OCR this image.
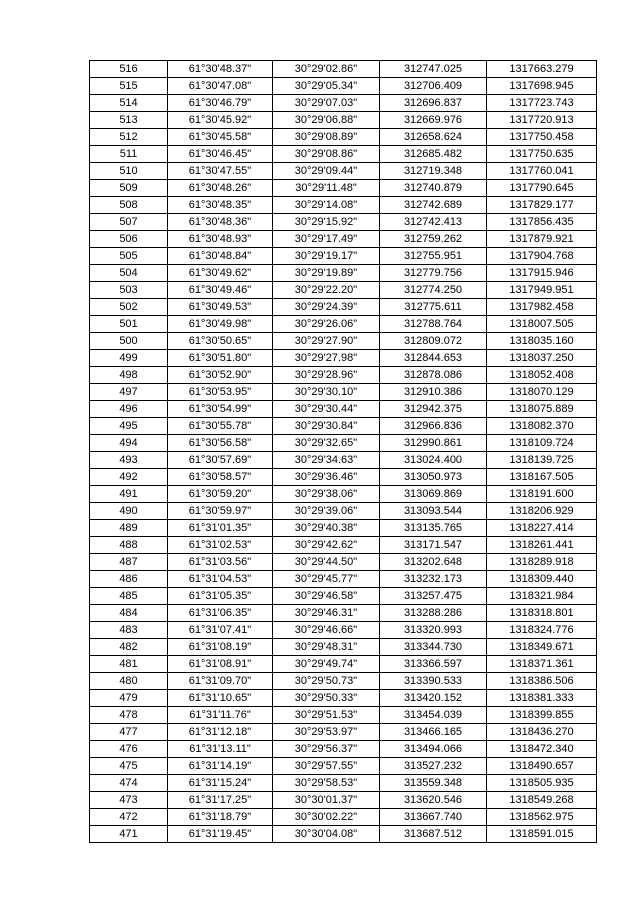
516	61°30'48.37"	30°29'02.86"	312747.025	1317663.279
515	61°30'47.08"	30°29'05.34"	312706.409	1317698.945
514	61°30'46.79"	30°29'07.03"	312696.837	1317723.743
513	61°30'45.92"	30°29'06.88"	312669.976	1317720.913
512	61°30'45.58"	30°29'08.89"	312658.624	1317750.458
511	61°30'46.45"	30°29'08.86"	312685.482	1317750.635
510	61°30'47.55"	30°29'09.44"	312719.348	1317760.041
509	61°30'48.26"	30°29'11.48"	312740.879	1317790.645
508	61°30'48.35"	30°29'14.08"	312742.689	1317829.177
507	61°30'48.36"	30°29'15.92"	312742.413	1317856.435
506	61°30'48.93"	30°29'17.49"	312759.262	1317879.921
505	61°30'48.84"	30°29'19.17"	312755.951	1317904.768
504	61°30'49.62"	30°29'19.89"	312779.756	1317915.946
503	61°30'49.46"	30°29'22.20"	312774.250	1317949.951
502	61°30'49.53"	30°29'24.39"	312775.611	1317982.458
501	61°30'49.98"	30°29'26.06"	312788.764	1318007.505
500	61°30'50.65"	30°29'27.90"	312809.072	1318035.160
499	61°30'51.80"	30°29'27.98"	312844.653	1318037.250
498	61°30'52.90"	30°29'28.96"	312878.086	1318052.408
497	61°30'53.95"	30°29'30.10"	312910.386	1318070.129
496	61°30'54.99"	30°29'30.44"	312942.375	1318075.889
495	61°30'55.78"	30°29'30.84"	312966.836	1318082.370
494	61°30'56.58"	30°29'32.65"	312990.861	1318109.724
493	61°30'57.69"	30°29'34.63"	313024.400	1318139.725
492	61°30'58.57"	30°29'36.46"	313050.973	1318167.505
491	61°30'59.20"	30°29'38.06"	313069.869	1318191.600
490	61°30'59.97"	30°29'39.06"	313093.544	1318206.929
489	61°31'01.35"	30°29'40.38"	313135.765	1318227.414
488	61°31'02.53"	30°29'42.62"	313171.547	1318261.441
487	61°31'03.56"	30°29'44.50"	313202.648	1318289.918
486	61°31'04.53"	30°29'45.77"	313232.173	1318309.440
485	61°31'05.35"	30°29'46.58"	313257.475	1318321.984
484	61°31'06.35"	30°29'46.31"	313288.286	1318318.801
483	61°31'07.41"	30°29'46.66"	313320.993	1318324.776
482	61°31'08.19"	30°29'48.31"	313344.730	1318349.671
481	61°31'08.91"	30°29'49.74"	313366.597	1318371.361
480	61°31'09.70"	30°29'50.73"	313390.533	1318386.506
479	61°31'10.65"	30°29'50.33"	313420.152	1318381.333
478	61°31'11.76"	30°29'51.53"	313454.039	1318399.855
477	61°31'12.18"	30°29'53.97"	313466.165	1318436.270
476	61°31'13.11"	30°29'56.37"	313494.066	1318472.340
475	61°31'14.19"	30°29'57.55"	313527.232	1318490.657
474	61°31'15.24"	30°29'58.53"	313559.348	1318505.935
473	61°31'17.25"	30°30'01.37"	313620.546	1318549.268
472	61°31'18.79"	30°30'02.22"	313667.740	1318562.975
471	61°31'19.45"	30°30'04.08"	313687.512	1318591.015
